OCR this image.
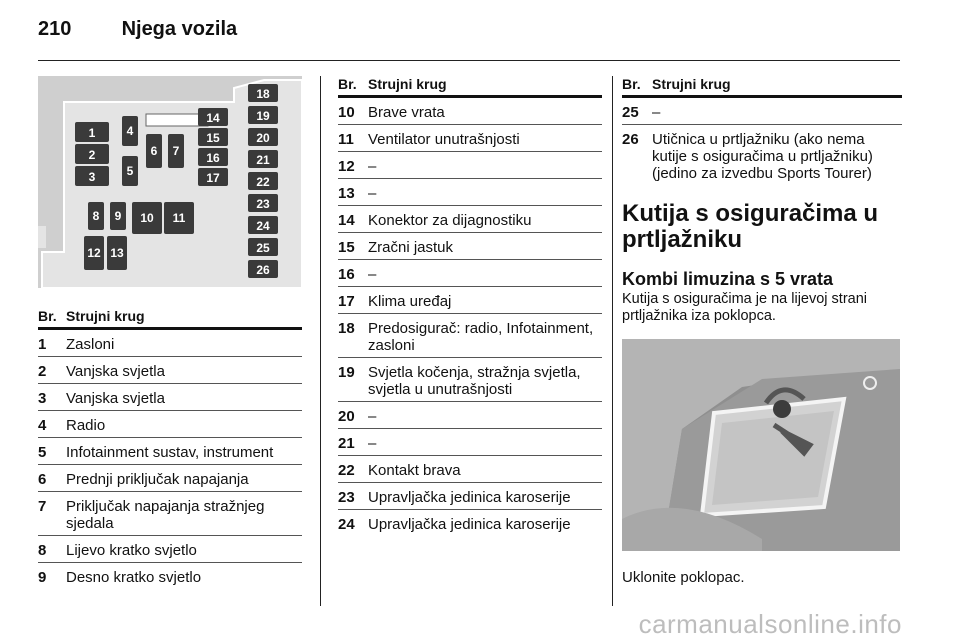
210	Njega vozila
1
2
3
4
5
6 7
8 9 10 11
12 13
14
15
16
17
18
19
20
21
22
23
24
25
26
Br. Strujni krug
1	Zasloni
2	Vanjska svjetla
3	Vanjska svjetla
4	Radio
5	Infotainment sustav, instrument
6	Prednji priključak napajanja
7	Priključak napajanja stražnjeg sjedala
8	Lijevo kratko svjetlo
9	Desno kratko svjetlo
Br. Strujni krug
10 Brave vrata
11 Ventilator unutrašnjosti
12 –
13 –
14 Konektor za dijagnostiku
15 Zračni jastuk
16 –
17 Klima uređaj
18 Predosigurač: radio, Infotainment, zasloni
19 Svjetla kočenja, stražnja svjetla, svjetla u unutrašnjosti
20 –
21 –
22 Kontakt brava
23 Upravljačka jedinica karoserije
24 Upravljačka jedinica karoserije
Br. Strujni krug
25 –
26 Utičnica u prtljažniku (ako nema kutije s osiguračima u prtljažniku) (jedino za izvedbu Sports Tourer)
Kutija s osiguračima u prtljažniku
Kombi limuzina s 5 vrata
Kutija s osiguračima je na lijevoj strani prtljažnika iza poklopca.
Uklonite poklopac.
carmanualsonline.info
